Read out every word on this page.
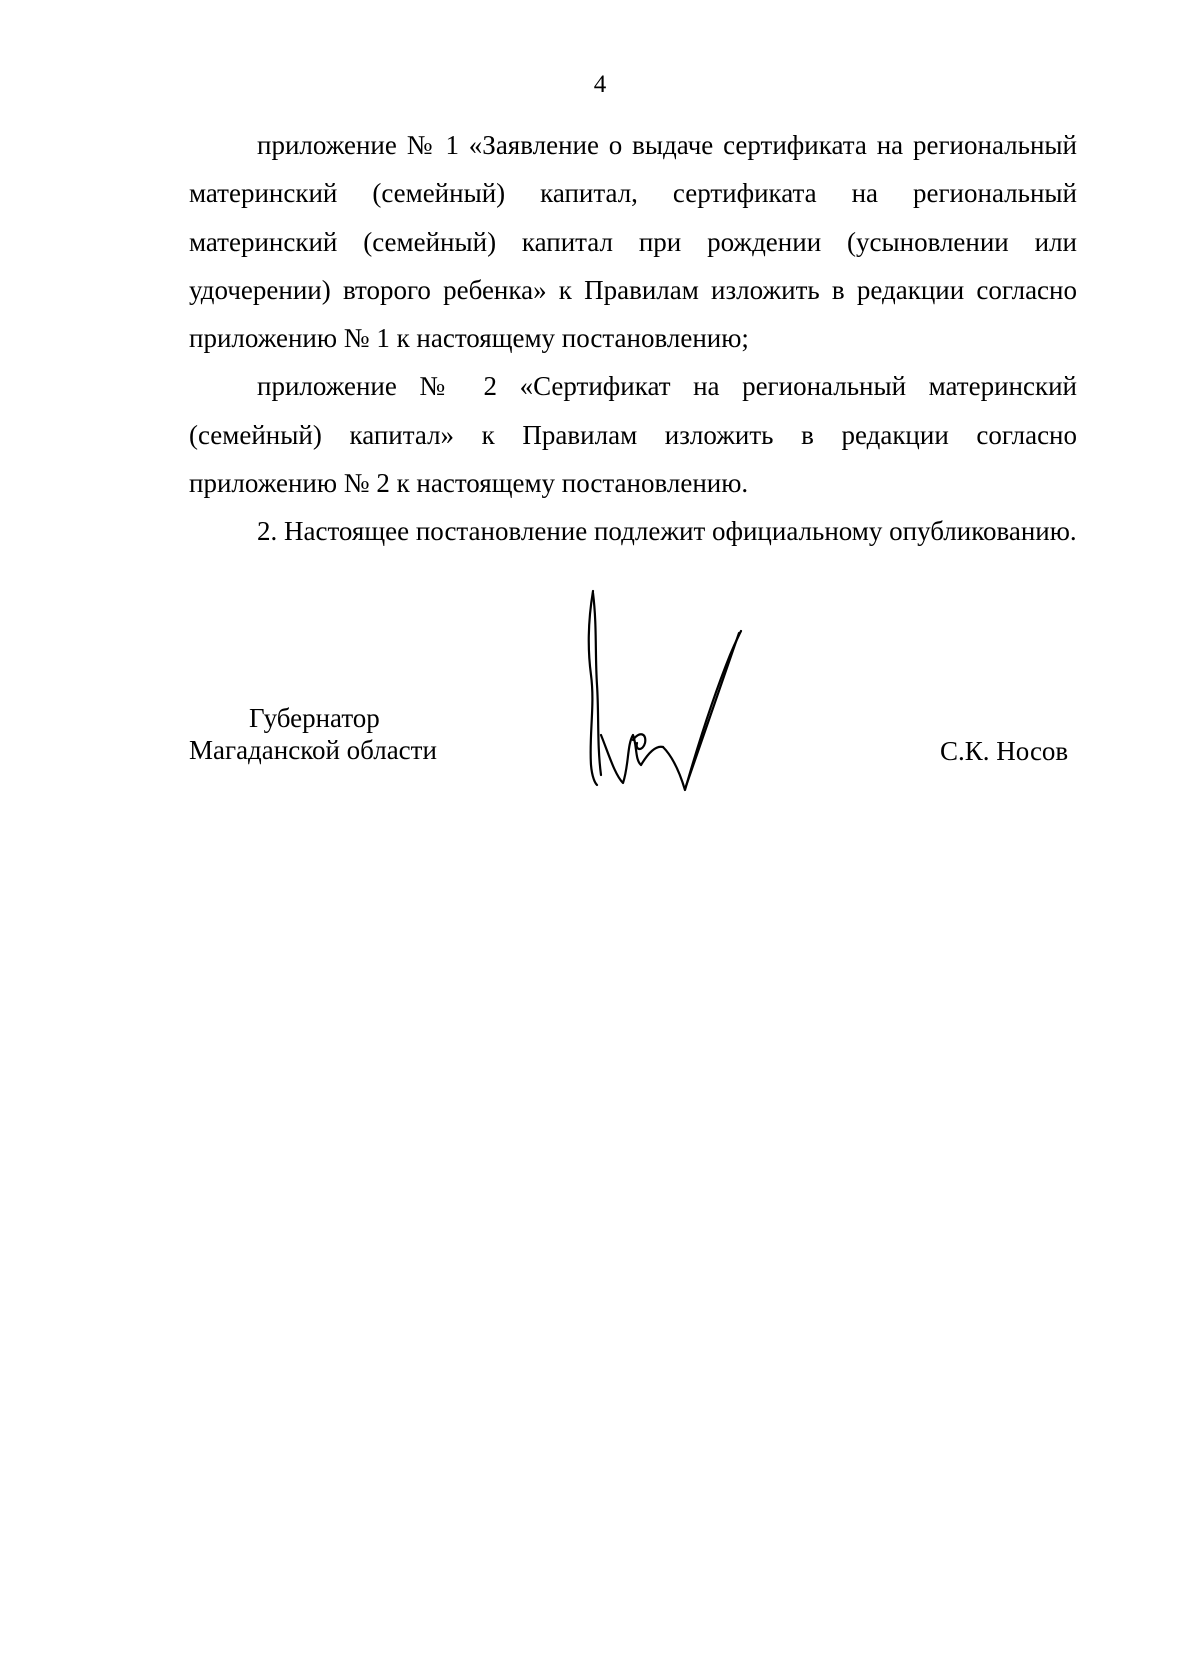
4

приложение № 1 «Заявление о выдаче сертификата на региональный материнский (семейный) капитал, сертификата на региональный материнский (семейный) капитал при рождении (усыновлении или удочерении) второго ребенка» к Правилам изложить в редакции согласно приложению № 1 к настоящему постановлению;

приложение № 2 «Сертификат на региональный материнский (семейный) капитал» к Правилам изложить в редакции согласно приложению № 2 к настоящему постановлению.

2. Настоящее постановление подлежит официальному опубликованию.

Губернатор
Магаданской области	С.К. Носов
